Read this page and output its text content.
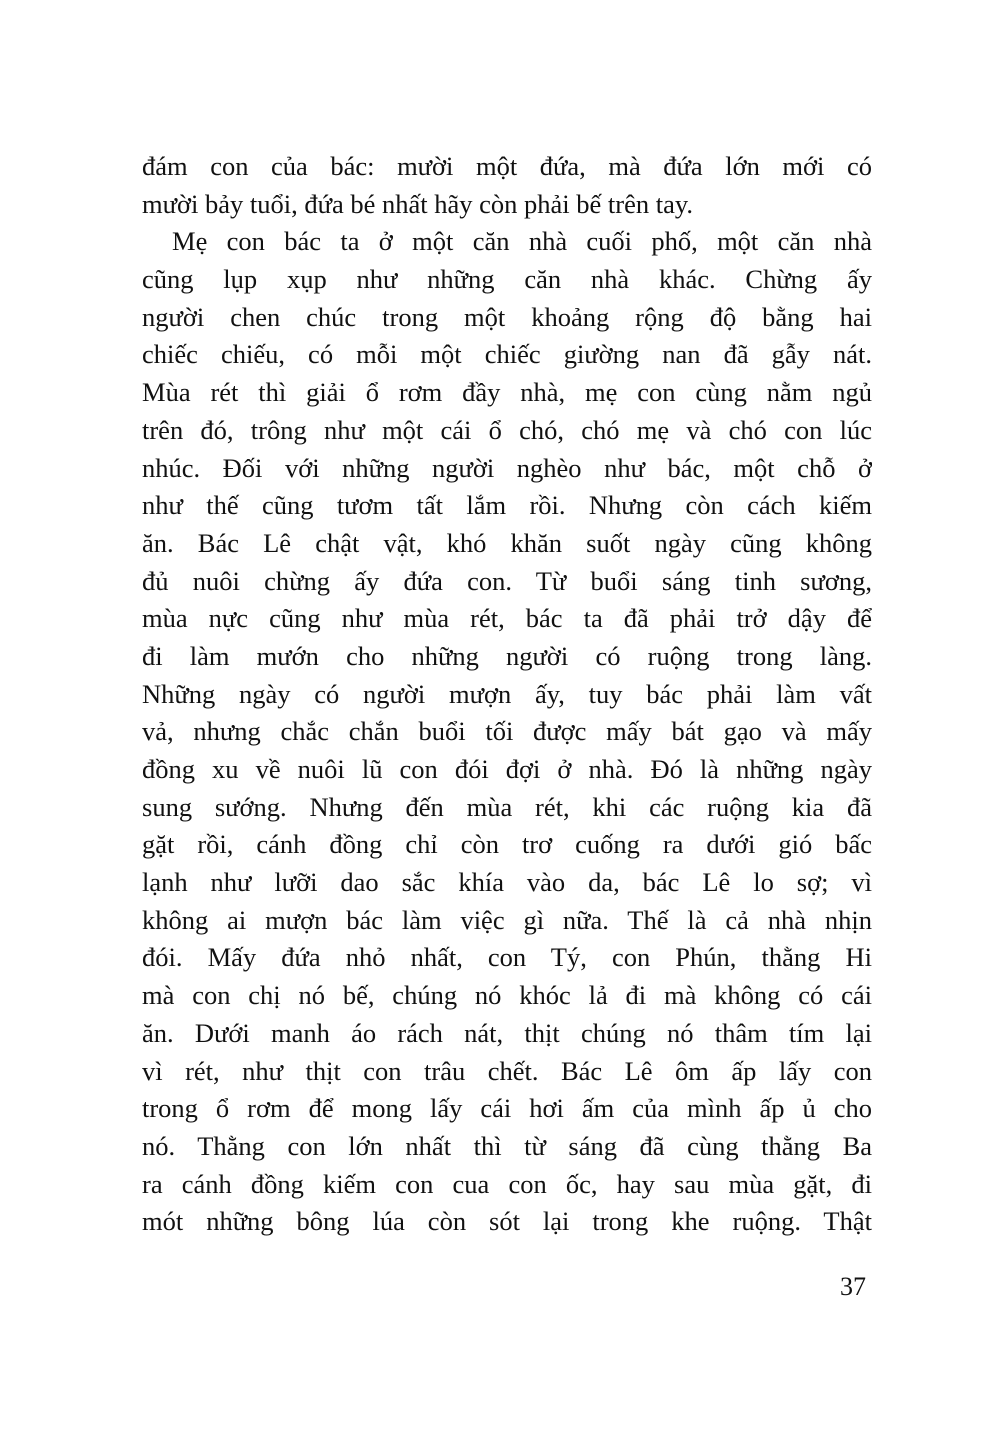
đám con của bác: mười một đứa, mà đứa lớn mới có
mười bảy tuổi, đứa bé nhất hãy còn phải bế trên tay.
Mẹ con bác ta ở một căn nhà cuối phố, một căn nhà
cũng lụp xụp như những căn nhà khác. Chừng ấy
người chen chúc trong một khoảng rộng độ bằng hai
chiếc chiếu, có mỗi một chiếc giường nan đã gẫy nát.
Mùa rét thì giải ổ rơm đầy nhà, mẹ con cùng nằm ngủ
trên đó, trông như một cái ổ chó, chó mẹ và chó con lúc
nhúc. Đối với những người nghèo như bác, một chỗ ở
như thế cũng tươm tất lắm rồi. Nhưng còn cách kiếm
ăn. Bác Lê chật vật, khó khăn suốt ngày cũng không
đủ nuôi chừng ấy đứa con. Từ buổi sáng tinh sương,
mùa nực cũng như mùa rét, bác ta đã phải trở dậy để
đi làm mướn cho những người có ruộng trong làng.
Những ngày có người mượn ấy, tuy bác phải làm vất
vả, nhưng chắc chắn buổi tối được mấy bát gạo và mấy
đồng xu về nuôi lũ con đói đợi ở nhà. Đó là những ngày
sung sướng. Nhưng đến mùa rét, khi các ruộng kia đã
gặt rồi, cánh đồng chỉ còn trơ cuống ra dưới gió bấc
lạnh như lưỡi dao sắc khía vào da, bác Lê lo sợ; vì
không ai mượn bác làm việc gì nữa. Thế là cả nhà nhịn
đói. Mấy đứa nhỏ nhất, con Tý, con Phún, thằng Hi
mà con chị nó bế, chúng nó khóc lả đi mà không có cái
ăn. Dưới manh áo rách nát, thịt chúng nó thâm tím lại
vì rét, như thịt con trâu chết. Bác Lê ôm ấp lấy con
trong ổ rơm để mong lấy cái hơi ấm của mình ấp ủ cho
nó. Thằng con lớn nhất thì từ sáng đã cùng thằng Ba
ra cánh đồng kiếm con cua con ốc, hay sau mùa gặt, đi
mót những bông lúa còn sót lại trong khe ruộng. Thật
37
